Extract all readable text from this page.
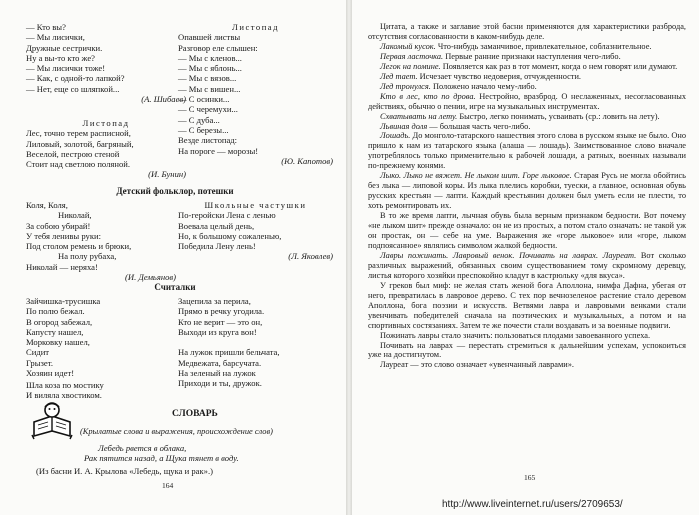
— Кто вы?

— Мы лисички,

Дружные сестрички.

Ну а вы-то кто же?

— Мы лисички тоже!

— Как, с одной-то лапкой?

— Нет, еще со шляпкой...

(А. Шибаев)

Листопад

Лес, точно терем расписной,

Лиловый, золотой, багряный,

Веселой, пестрою стеной

Стоит над светлою поляной.

(И. Бунин)

Листопад

Опавшей листвы

Разговор еле слышен:

— Мы с кленов...

— Мы с яблонь...

— Мы с вязов...

— Мы с вишен...

— С осинки...

— С черемухи...

— С дуба...

— С березы...

Везде листопад:

На пороге — морозы!

(Ю. Капотов)

Детский фольклор, потешки

Коля, Коля,

Николай,

За собою убирай!

У тебя ленивы руки:

Под столом ремень и брюки,

На полу рубаха,

Николай — неряха!

(И. Демьянов)

Школьные частушки

По-геройски Лена с ленью

Воевала целый день,

Но, к большому сожаленью,

Победила Лену лень!

(Л. Яковлев)

Считалки

Зайчишка-трусишка

По полю бежал.

В огород забежал,

Капусту нашел,

Морковку нашел,

Сидит

Грызет.

Хозяин идет!

Зацепила за перила,

Прямо в речку угодила.

Кто не верит — это он,

Выходи из круга вон!

На лужок пришли бельчата,

Медвежата, барсучата.

На зеленый на лужок

Приходи и ты, дружок.

Шла коза по мостику

И виляла хвостиком.

СЛОВАРЬ
(Крылатые слова и выражения, происхождение слов)

Лебедь рвется в облака,

Рак пятится назад, а Щука тянет в воду.

(Из басни И. А. Крылова «Лебедь, щука и рак».)
164

Цитата, а также и заглавие этой басни применяются для характеристики разброда, отсутствия согласованности в каком-нибудь деле.

Лакомый кусок. Что-нибудь заманчивое, привлекательное, соблазнительное.

Первая ласточка. Первые ранние признаки наступления чего-либо.

Легок на помине. Появляется как раз в тот момент, когда о нем говорят или думают.

Лед тает. Исчезает чувство недоверия, отчужденности.

Лед тронулся. Положено начало чему-либо.

Кто в лес, кто по дрова. Нестройно, вразброд. О неслаженных, несогласованных действиях, обычно о пении, игре на музыкальных инструментах.

Схватывать на лету. Быстро, легко понимать, усваивать (ср.: ловить на лету).

Львиная доля — большая часть чего-либо.

Лошадь. До монголо-татарского нашествия этого слова в русском языке не было. Оно пришло к нам из татарского языка (алаша — лошадь). Заимствованное слово вначале употреблялось только применительно к рабочей лошади, а ратных, военных называли по-прежнему конями.

Лыко. Лыко не вяжет. Не лыком шит. Горе лыковое. Старая Русь не могла обойтись без лыка — липовой коры. Из лыка плелись коробки, туески, а главное, основная обувь русских крестьян — лапти. Каждый крестьянин должен был уметь если не плести, то хоть ремонтировать их.

В то же время лапти, лычная обувь была верным признаком бедности. Вот почему «не лыком шит» прежде означало: он не из простых, а потом стало означать: не такой уж он простак, он — себе на уме. Выражения же «горе лыковое» или «горе, лыком подпоясанное» являлись символом жалкой бедности.

Лавры пожинать. Лавровый венок. Почивать на лаврах. Лауреат. Вот сколько различных выражений, обязанных своим существованием тому скромному деревцу, листья которого хозяйки преспокойно кладут в кастрюльку «для вкуса».

У греков был миф: не желая стать женой бога Аполлона, нимфа Дафна, убегая от него, превратилась в лавровое дерево. С тех пор вечнозеленое растение стало деревом Аполлона, бога поэзии и искусств. Ветвями лавра и лавровыми венками стали увенчивать победителей сначала на поэтических и музыкальных, а потом и на спортивных состязаниях. Затем те же почести стали воздавать и за военные подвиги.

Пожинать лавры стало значить: пользоваться плодами завоеванного успеха.

Почивать на лаврах — перестать стремиться к дальнейшим успехам, успокоиться уже на достигнутом.

Лауреат — это слово означает «увенчанный лаврами».

165
http://www.liveinternet.ru/users/2709653/
